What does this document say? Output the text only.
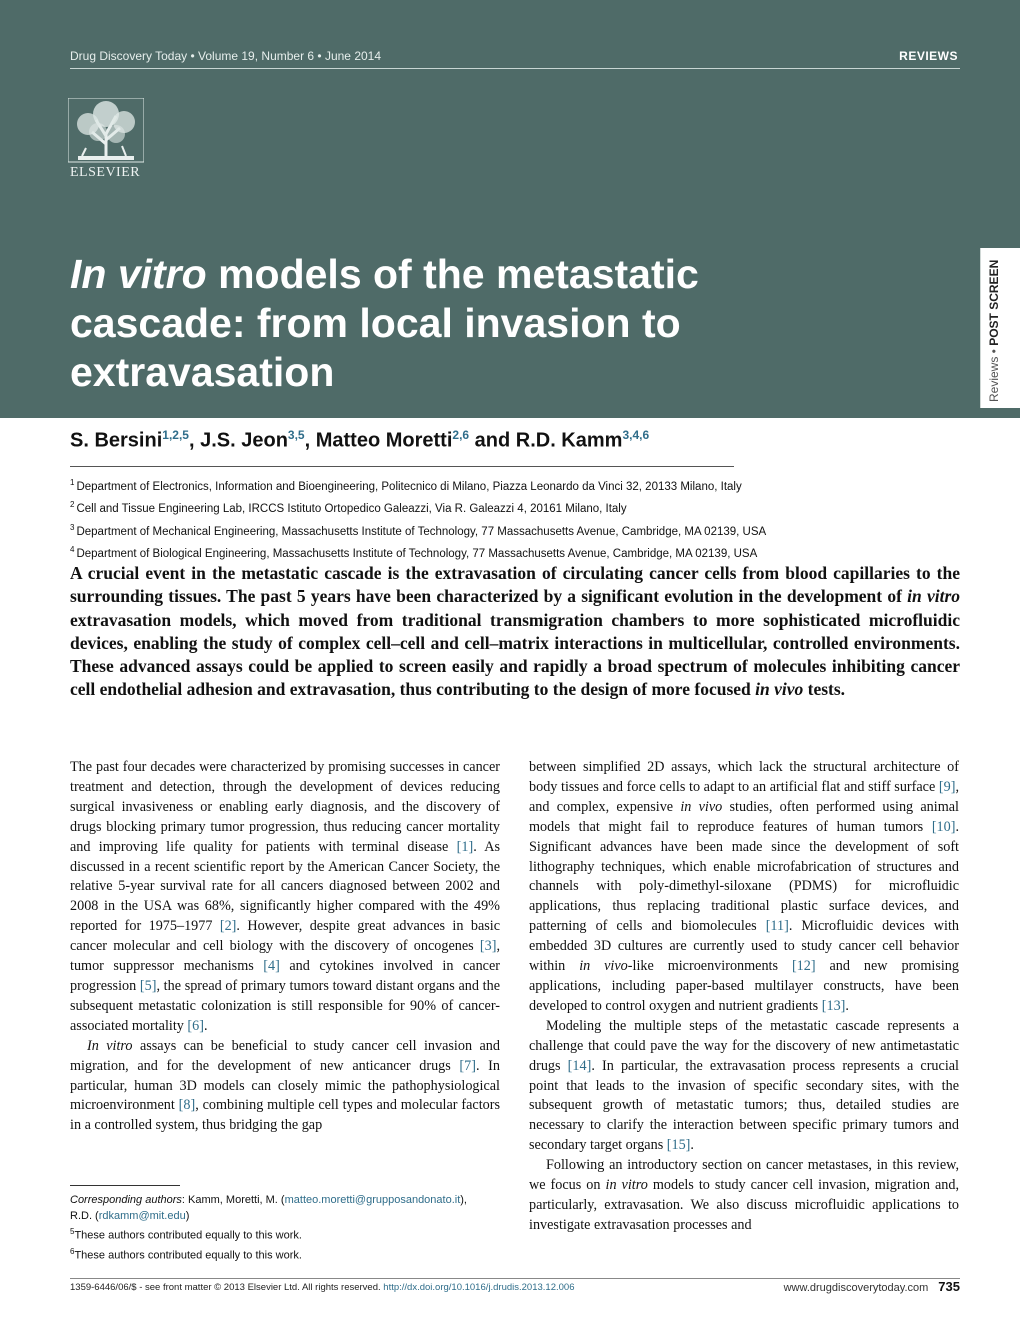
Drug Discovery Today • Volume 19, Number 6 • June 2014	REVIEWS
ELSEVIER
In vitro models of the metastatic cascade: from local invasion to extravasation	Reviews • POST SCREEN
S. Bersini$^{1,2,5}$, J.S. Jeon$^{3,5}$, Matteo Moretti$^{2,6}$ and R.D. Kamm$^{3,4,6}$
$^1$ Department of Electronics, Information and Bioengineering, Politecnico di Milano, Piazza Leonardo da Vinci 32, 20133 Milano, Italy
$^2$ Cell and Tissue Engineering Lab, IRCCS Istituto Ortopedico Galeazzi, Via R. Galeazzi 4, 20161 Milano, Italy
$^3$ Department of Mechanical Engineering, Massachusetts Institute of Technology, 77 Massachusetts Avenue, Cambridge, MA 02139, USA
$^4$ Department of Biological Engineering, Massachusetts Institute of Technology, 77 Massachusetts Avenue, Cambridge, MA 02139, USA

A crucial event in the metastatic cascade is the extravasation of circulating cancer cells from blood capillaries to the surrounding tissues. The past 5 years have been characterized by a significant evolution in the development of in vitro extravasation models, which moved from traditional transmigration chambers to more sophisticated microfluidic devices, enabling the study of complex cell–cell and cell–matrix interactions in multicellular, controlled environments. These advanced assays could be applied to screen easily and rapidly a broad spectrum of molecules inhibiting cancer cell endothelial adhesion and extravasation, thus contributing to the design of more focused in vivo tests.

The past four decades were characterized by promising successes in cancer treatment and detection, through the development of devices reducing surgical invasiveness or enabling early diagnosis, and the discovery of drugs blocking primary tumor progression, thus reducing cancer mortality and improving life quality for patients with terminal disease [1]. As discussed in a recent scientific report by the American Cancer Society, the relative 5-year survival rate for all cancers diagnosed between 2002 and 2008 in the USA was 68%, significantly higher compared with the 49% reported for 1975–1977 [2]. However, despite great advances in basic cancer molecular and cell biology with the discovery of oncogenes [3], tumor suppressor mechanisms [4] and cytokines involved in cancer progression [5], the spread of primary tumors toward distant organs and the subsequent metastatic colonization is still responsible for 90% of cancer-associated mortality [6].

In vitro assays can be beneficial to study cancer cell invasion and migration, and for the development of new anticancer drugs [7]. In particular, human 3D models can closely mimic the pathophysiological microenvironment [8], combining multiple cell types and molecular factors in a controlled system, thus bridging the gap

between simplified 2D assays, which lack the structural architecture of body tissues and force cells to adapt to an artificial flat and stiff surface [9], and complex, expensive in vivo studies, often performed using animal models that might fail to reproduce features of human tumors [10]. Significant advances have been made since the development of soft lithography techniques, which enable microfabrication of structures and channels with poly-dimethyl-siloxane (PDMS) for microfluidic applications, thus replacing traditional plastic surface devices, and patterning of cells and biomolecules [11]. Microfluidic devices with embedded 3D cultures are currently used to study cancer cell behavior within in vivo-like microenvironments [12] and new promising applications, including paper-based multilayer constructs, have been developed to control oxygen and nutrient gradients [13].

Modeling the multiple steps of the metastatic cascade represents a challenge that could pave the way for the discovery of new antimetastatic drugs [14]. In particular, the extravasation process represents a crucial point that leads to the invasion of specific secondary sites, with the subsequent growth of metastatic tumors; thus, detailed studies are necessary to clarify the interaction between specific primary tumors and secondary target organs [15].

Following an introductory section on cancer metastases, in this review, we focus on in vitro models to study cancer cell invasion, migration and, particularly, extravasation. We also discuss microfluidic applications to investigate extravasation processes and

Corresponding authors: Kamm, Moretti, M. (matteo.moretti@grupposandonato.it),
R.D. (rdkamm@mit.edu)
$^5$These authors contributed equally to this work.
$^6$These authors contributed equally to this work.
1359-6446/06/$ - see front matter © 2013 Elsevier Ltd. All rights reserved. http://dx.doi.org/10.1016/j.drudis.2013.12.006	www.drugdiscoverytoday.com 735
